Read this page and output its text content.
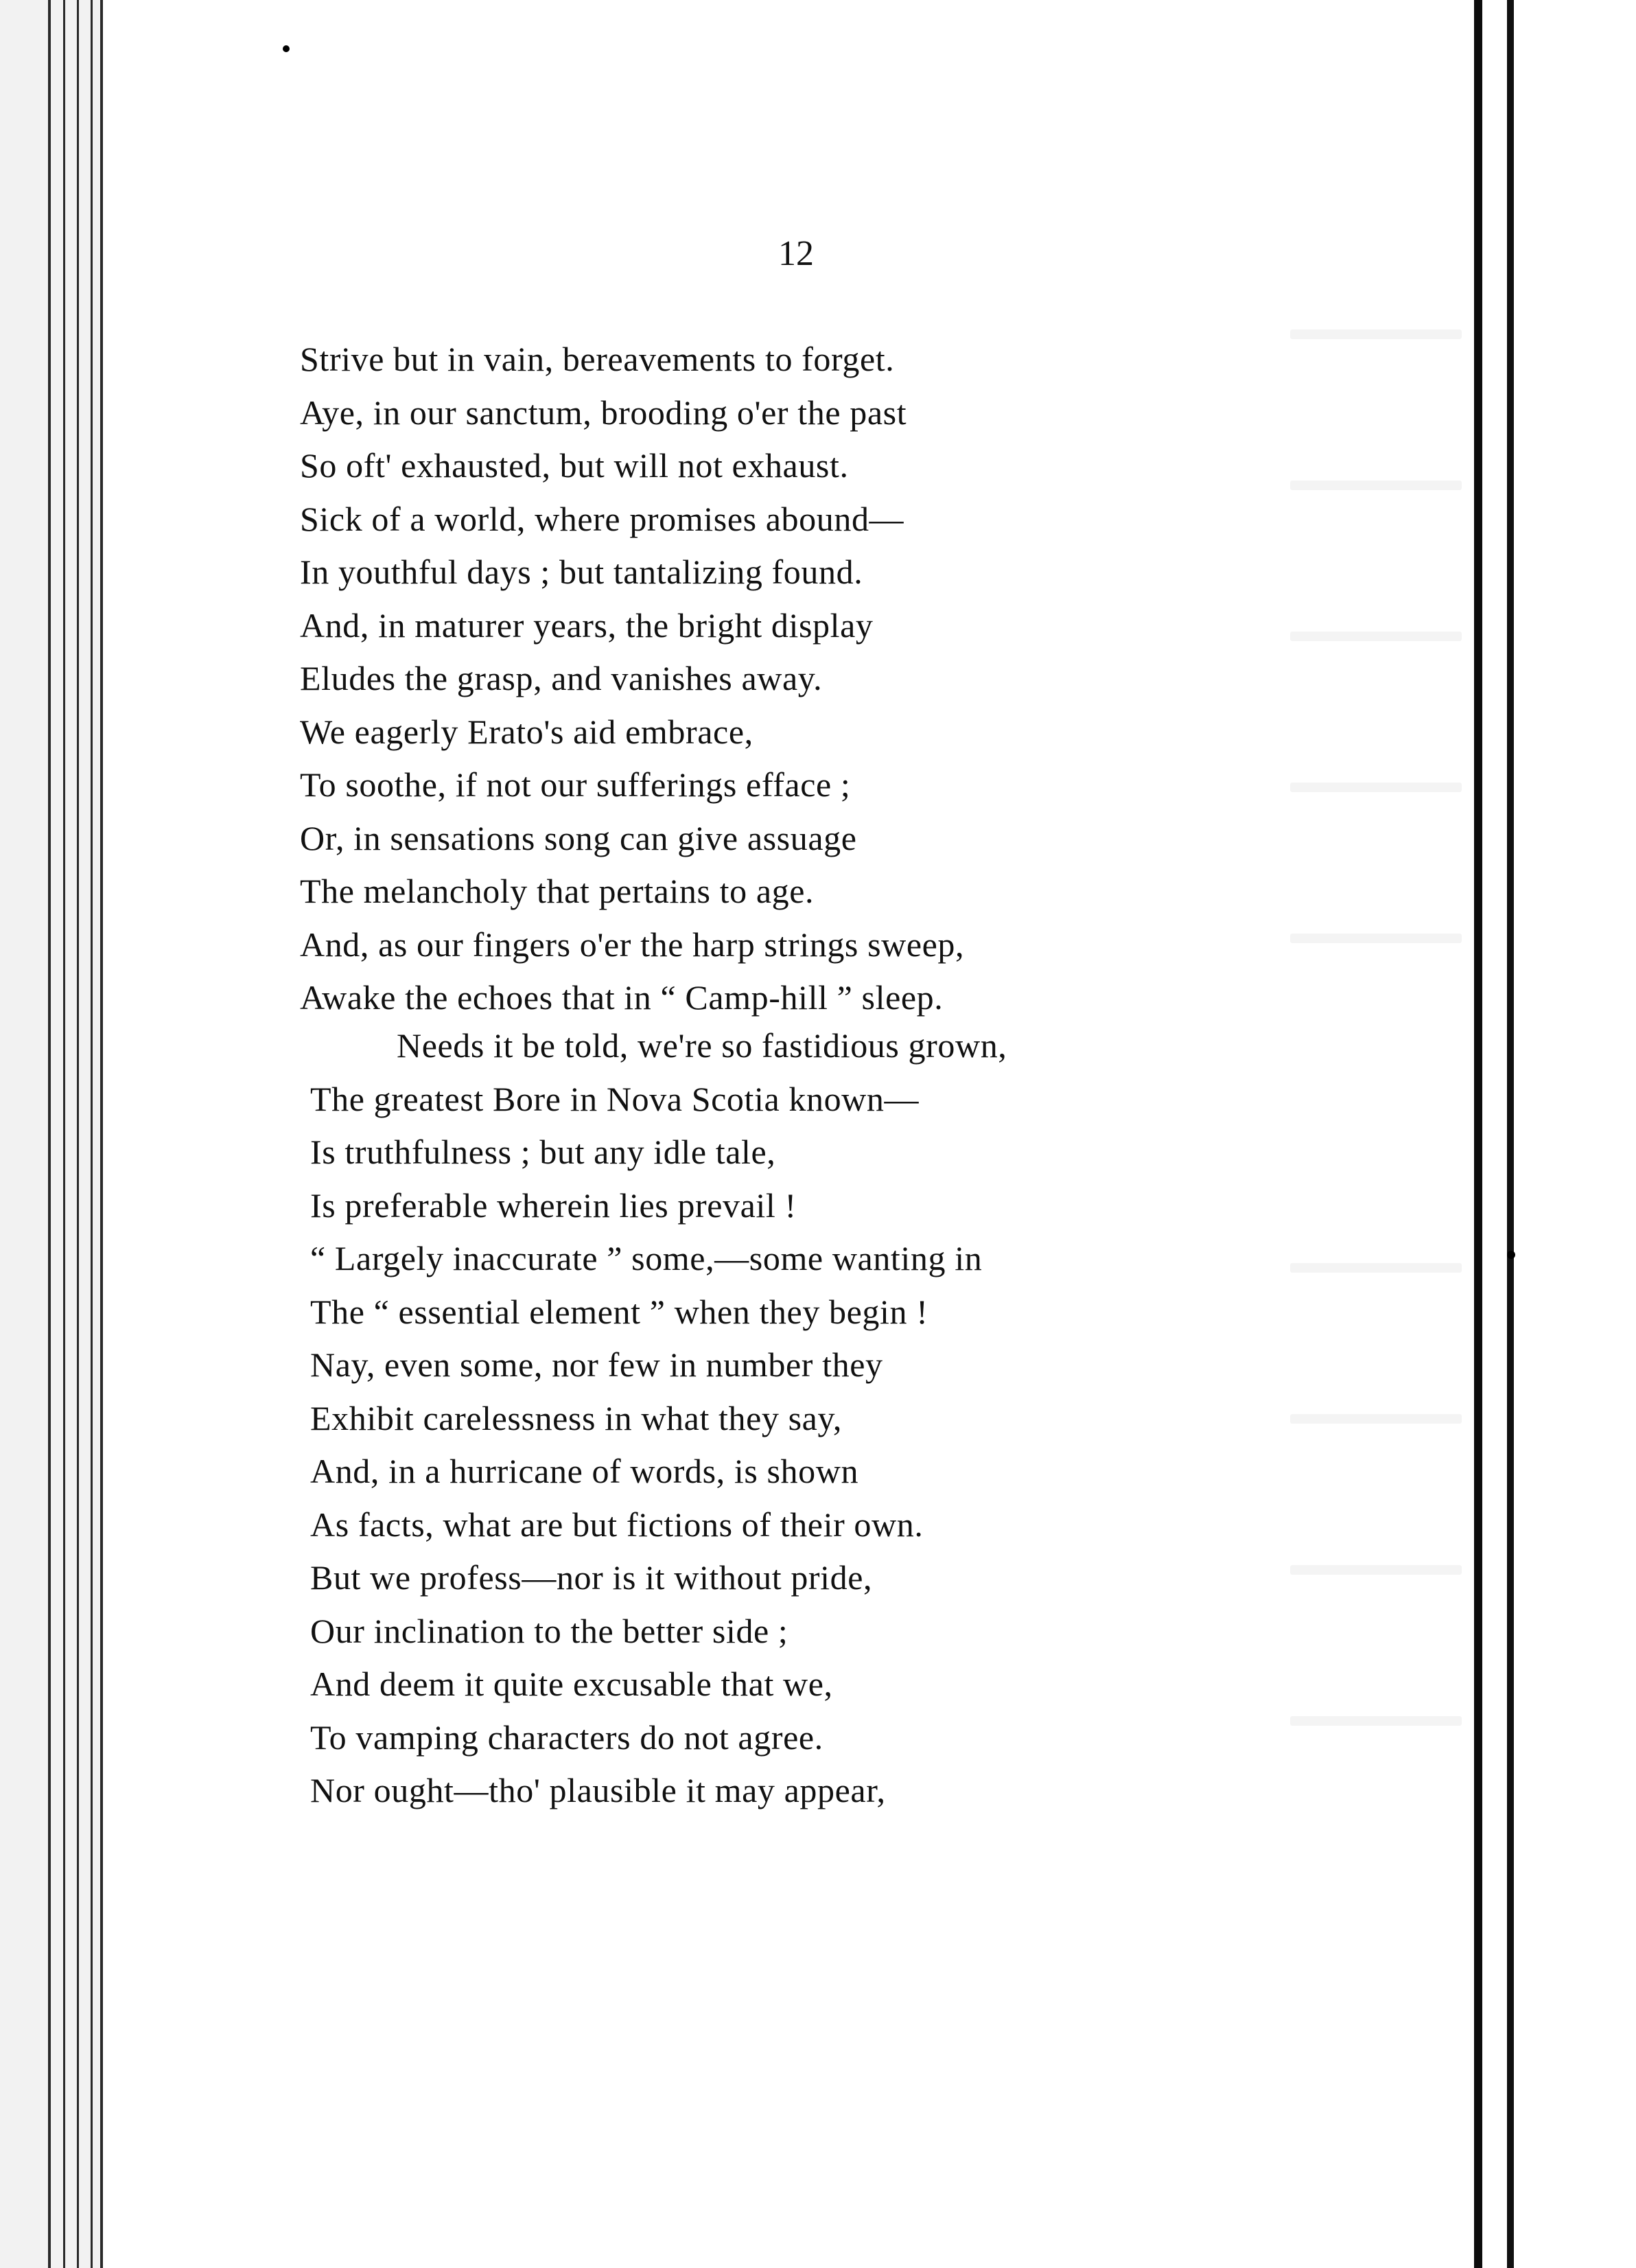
12

Strive but in vain, bereavements to forget.
Aye, in our sanctum, brooding o'er the past
So oft' exhausted, but will not exhaust.
Sick of a world, where promises abound—
In youthful days ; but tantalizing found.
And, in maturer years, the bright display
Eludes the grasp, and vanishes away.
We eagerly Erato's aid embrace,
To soothe, if not our sufferings efface ;
Or, in sensations song can give assuage
The melancholy that pertains to age.
And, as our fingers o'er the harp strings sweep,
Awake the echoes that in “ Camp-hill ” sleep.
Needs it be told, we're so fastidious grown,
The greatest Bore in Nova Scotia known—
Is truthfulness ; but any idle tale,
Is preferable wherein lies prevail !
“ Largely inaccurate ” some,—some wanting in
The “ essential element ” when they begin !
Nay, even some, nor few in number they
Exhibit carelessness in what they say,
And, in a hurricane of words, is shown
As facts, what are but fictions of their own.
But we profess—nor is it without pride,
Our inclination to the better side ;
And deem it quite excusable that we,
To vamping characters do not agree.
Nor ought—tho' plausible it may appear,
